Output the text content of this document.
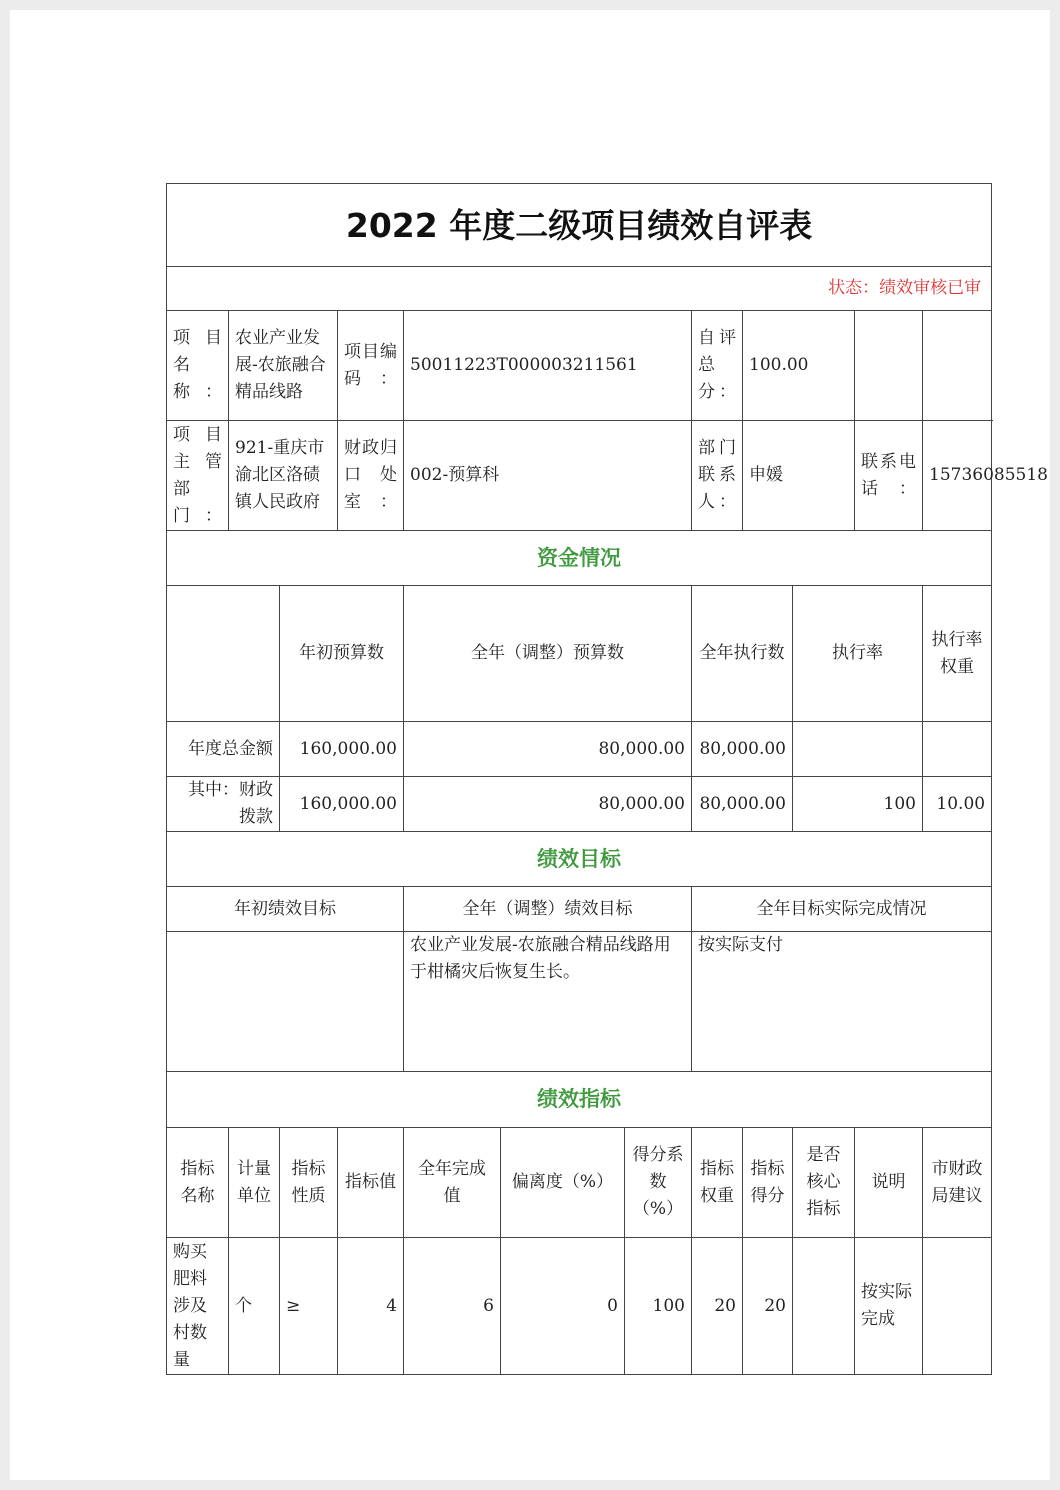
2022 年度二级项目绩效自评表												
状态：绩效审核已审												
项目名称：	农业产业发展-农旅融合精品线路		项目编码：	50011223T000003211561			自评总分：	100.00				
项目主管部门：	921-重庆市渝北区洛碛镇人民政府		财政归口处室：	002-预算科			部门联系人：	申媛		联系电话：	15736085518	
资金情况												
		年初预算数		全年（调整）预算数			全年执行数		执行率		执行率权重	
年度总金额		160,000.00		80,000.00			80,000.00					
其中：财政拨款		160,000.00		80,000.00			80,000.00		100		10.00	
绩效目标												
年初绩效目标				全年（调整）绩效目标			全年目标实际完成情况					
				农业产业发展-农旅融合精品线路用于柑橘灾后恢复生长。			按实际支付					
绩效指标												
指标名称	计量单位	指标性质	指标值	全年完成值	偏离度（%）	得分系数（%）	指标权重	指标得分	是否核心指标	说明	市财政局建议	
购买肥料涉及村数量	个	≥	4	6	0	100	20	20		按实际完成		
